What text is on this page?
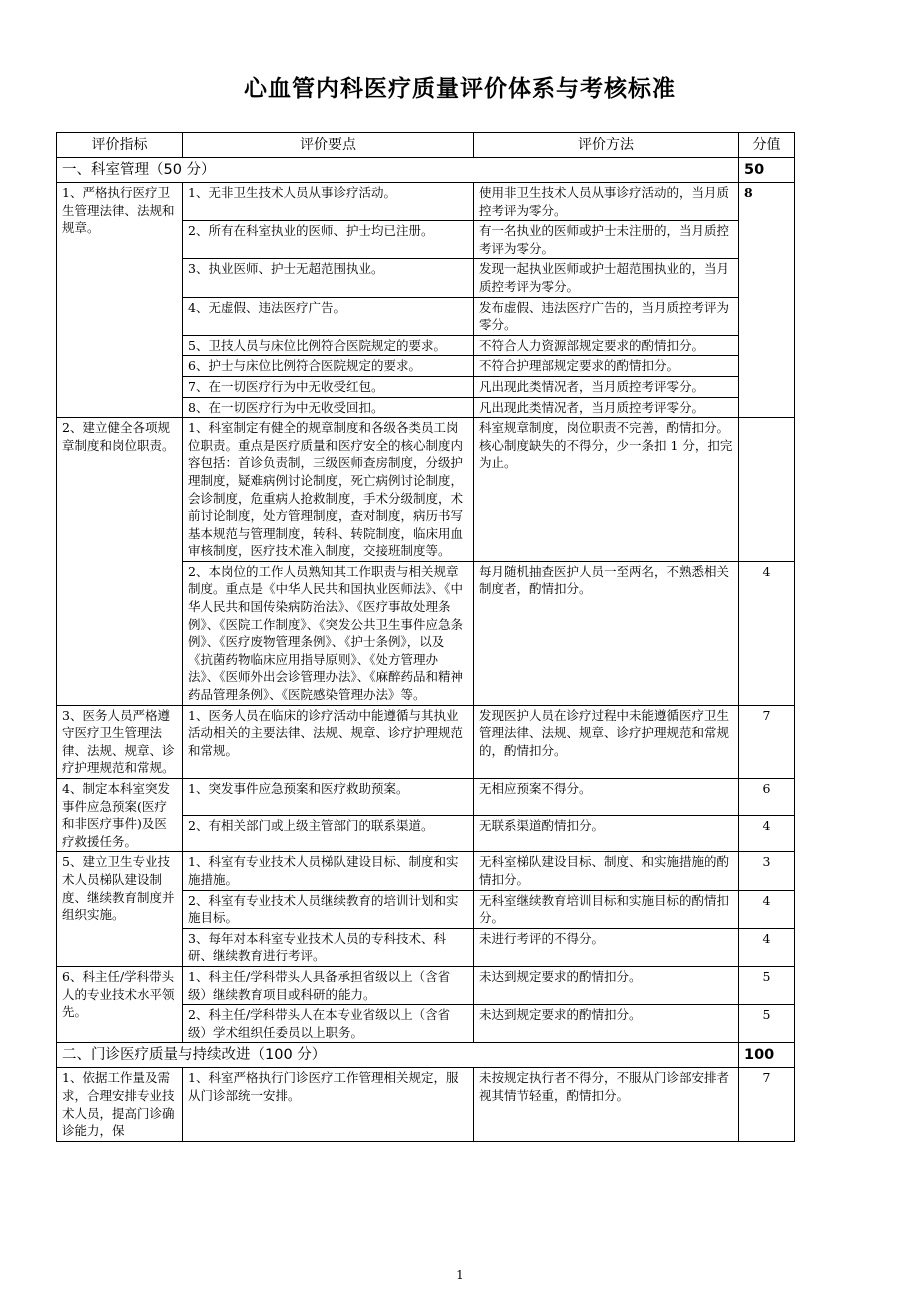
心血管内科医疗质量评价体系与考核标准
评价指标	评价要点	评价方法	分值
一、科室管理（50 分）			50
1、严格执行医疗卫生管理法律、法规和规章。	1、无非卫生技术人员从事诊疗活动。	使用非卫生技术人员从事诊疗活动的，当月质控考评为零分。	8
	2、所有在科室执业的医师、护士均已注册。	有一名执业的医师或护士未注册的，当月质控考评为零分。	
	3、执业医师、护士无超范围执业。	发现一起执业医师或护士超范围执业的，当月质控考评为零分。	
	4、无虚假、违法医疗广告。	发布虚假、违法医疗广告的，当月质控考评为零分。	
	5、卫技人员与床位比例符合医院规定的要求。	不符合人力资源部规定要求的酌情扣分。	
	6、护士与床位比例符合医院规定的要求。	不符合护理部规定要求的酌情扣分。	
	7、在一切医疗行为中无收受红包。	凡出现此类情况者，当月质控考评零分。	
	8、在一切医疗行为中无收受回扣。	凡出现此类情况者，当月质控考评零分。	
2、建立健全各项规章制度和岗位职责。	1、科室制定有健全的规章制度和各级各类员工岗位职责。重点是医疗质量和医疗安全的核心制度内容包括：首诊负责制，三级医师查房制度，分级护理制度，疑难病例讨论制度，死亡病例讨论制度，会诊制度，危重病人抢救制度，手术分级制度，术前讨论制度，处方管理制度，查对制度，病历书写基本规范与管理制度，转科、转院制度，临床用血审核制度，医疗技术准入制度，交接班制度等。	科室规章制度，岗位职责不完善，酌情扣分。核心制度缺失的不得分，少一条扣 1 分，扣完为止。	
	2、本岗位的工作人员熟知其工作职责与相关规章制度。重点是《中华人民共和国执业医师法》、《中华人民共和国传染病防治法》、《医疗事故处理条例》、《医院工作制度》、《突发公共卫生事件应急条例》、《医疗废物管理条例》、《护士条例》，以及《抗菌药物临床应用指导原则》、《处方管理办法》、《医师外出会诊管理办法》、《麻醉药品和精神药品管理条例》、《医院感染管理办法》等。	每月随机抽查医护人员一至两名，不熟悉相关制度者，酌情扣分。	4
3、医务人员严格遵守医疗卫生管理法律、法规、规章、诊疗护理规范和常规。	1、医务人员在临床的诊疗活动中能遵循与其执业活动相关的主要法律、法规、规章、诊疗护理规范和常规。	发现医护人员在诊疗过程中未能遵循医疗卫生管理法律、法规、规章、诊疗护理规范和常规的，酌情扣分。	7
4、制定本科室突发事件应急预案(医疗和非医疗事件)及医疗救援任务。	1、突发事件应急预案和医疗救助预案。	无相应预案不得分。	6
	2、有相关部门或上级主管部门的联系渠道。	无联系渠道酌情扣分。	4
5、建立卫生专业技术人员梯队建设制度、继续教育制度并组织实施。	1、科室有专业技术人员梯队建设目标、制度和实施措施。	无科室梯队建设目标、制度、和实施措施的酌情扣分。	3
	2、科室有专业技术人员继续教育的培训计划和实施目标。	无科室继续教育培训目标和实施目标的酌情扣分。	4
	3、每年对本科室专业技术人员的专科技术、科研、继续教育进行考评。	未进行考评的不得分。	4
6、科主任/学科带头人的专业技术水平领先。	1、科主任/学科带头人具备承担省级以上（含省级）继续教育项目或科研的能力。	未达到规定要求的酌情扣分。	5
	2、科主任/学科带头人在本专业省级以上（含省级）学术组织任委员以上职务。	未达到规定要求的酌情扣分。	5
二、门诊医疗质量与持续改进（100 分）			100
1、依据工作量及需求，合理安排专业技术人员，提高门诊确诊能力，保	1、科室严格执行门诊医疗工作管理相关规定，服从门诊部统一安排。	未按规定执行者不得分，不服从门诊部安排者视其情节轻重，酌情扣分。	7
1
